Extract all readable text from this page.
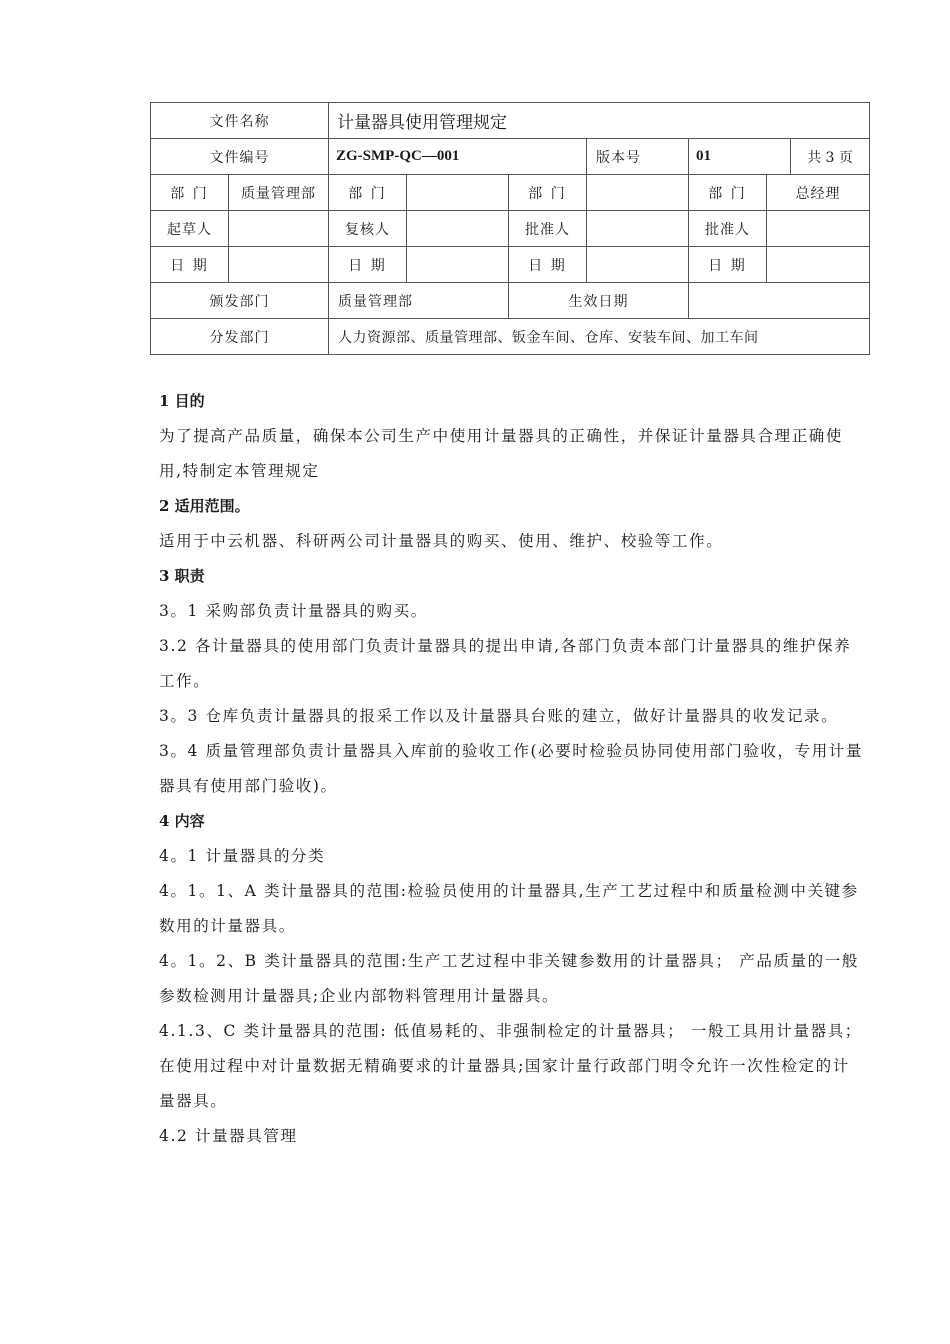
文件名称		计量器具使用管理规定					
文件编号		ZG-SMP-QC—001			版本号	01 共 3 页	

部 门	质量管理部	部 门		部 门		部 门	总经理
起草人		复核人		批准人		批准人	
日 期		日 期		日 期		日 期	
颁发部门		质量管理部		生效日期			
分发部门		人力资源部、质量管理部、钣金车间、仓库、安装车间、加工车间					
1 目的

为了提高产品质量，确保本公司生产中使用计量器具的正确性，并保证计量器具合理正确使用,特制定本管理规定

2 适用范围。

适用于中云机器、科研两公司计量器具的购买、使用、维护、校验等工作。

3 职责

3。1 采购部负责计量器具的购买。

3.2 各计量器具的使用部门负责计量器具的提出申请,各部门负责本部门计量器具的维护保养工作。

3。3 仓库负责计量器具的报采工作以及计量器具台账的建立，做好计量器具的收发记录。

3。4 质量管理部负责计量器具入库前的验收工作(必要时检验员协同使用部门验收，专用计量器具有使用部门验收)。

4 内容

4。1 计量器具的分类

4。1。1、A 类计量器具的范围:检验员使用的计量器具,生产工艺过程中和质量检测中关键参数用的计量器具。

4。1。2、B 类计量器具的范围:生产工艺过程中非关键参数用的计量器具； 产品质量的一般参数检测用计量器具;企业内部物料管理用计量器具。

4.1.3、C 类计量器具的范围: 低值易耗的、非强制检定的计量器具； 一般工具用计量器具； 在使用过程中对计量数据无精确要求的计量器具;国家计量行政部门明令允许一次性检定的计量器具。

4.2 计量器具管理
